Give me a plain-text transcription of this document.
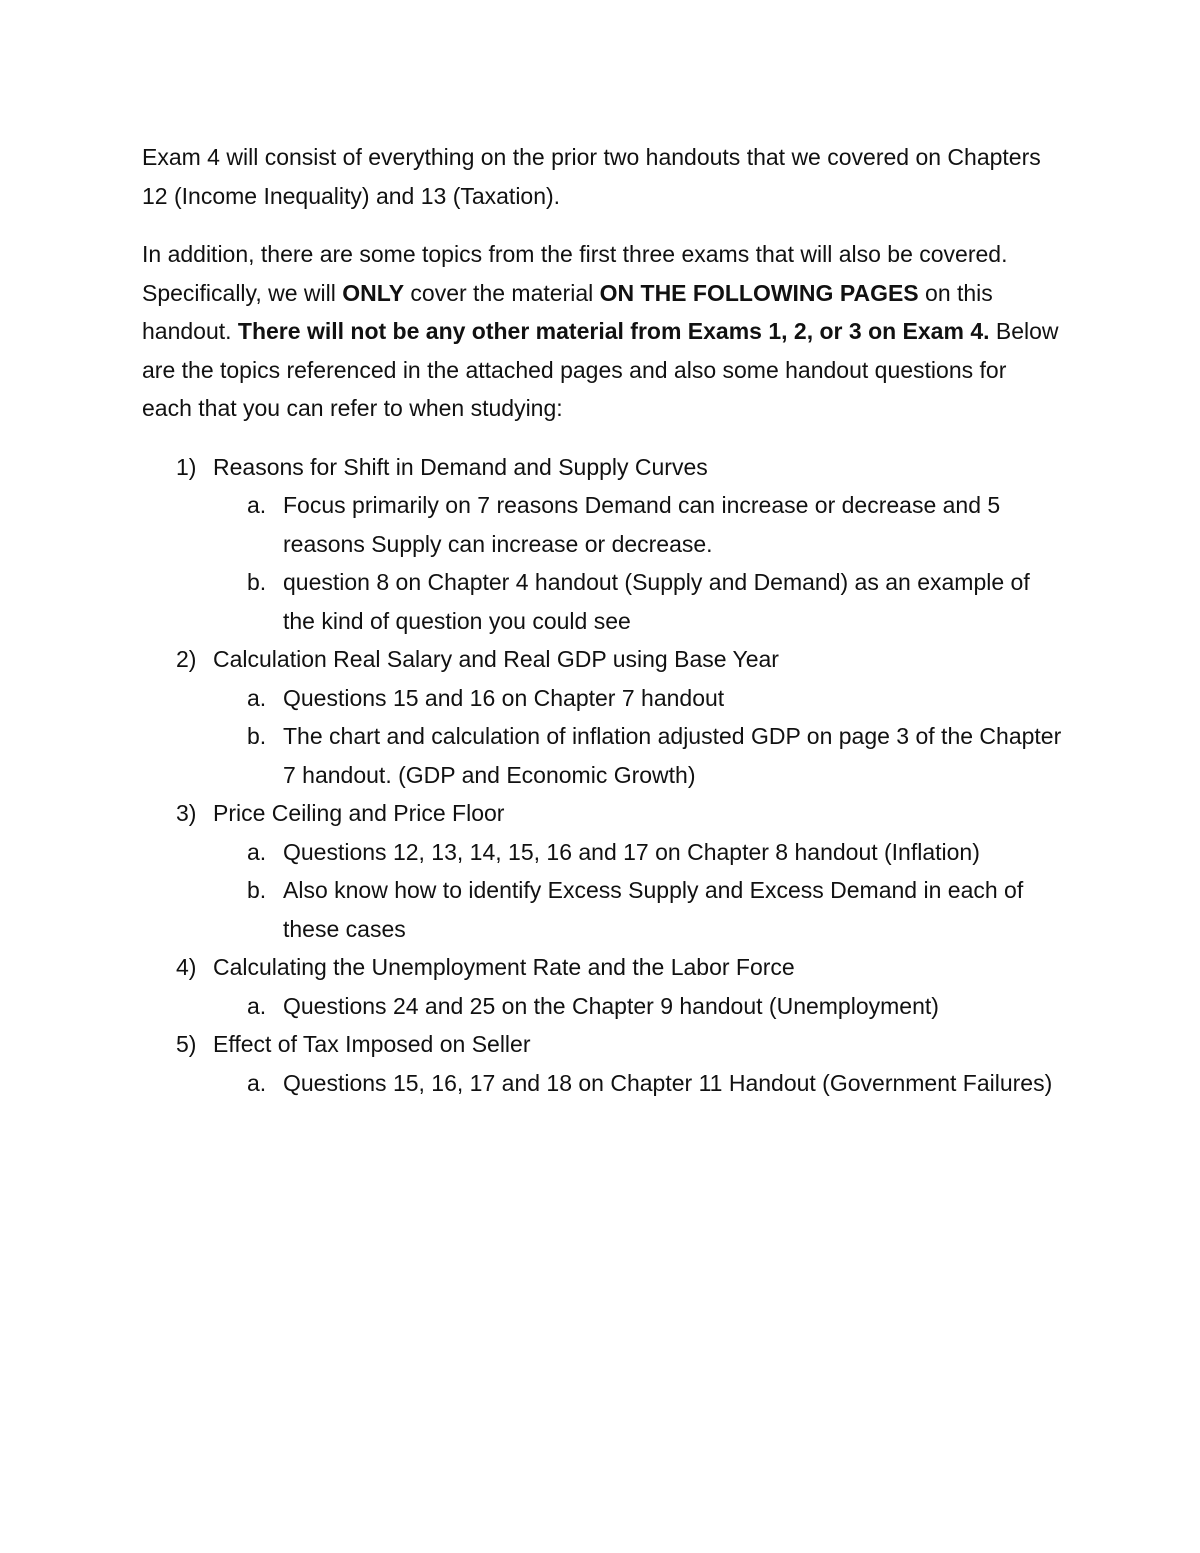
Exam 4 will consist of everything on the prior two handouts that we covered on Chapters 12 (Income Inequality) and 13 (Taxation).

In addition, there are some topics from the first three exams that will also be covered. Specifically, we will ONLY cover the material ON THE FOLLOWING PAGES on this handout. There will not be any other material from Exams 1, 2, or 3 on Exam 4. Below are the topics referenced in the attached pages and also some handout questions for each that you can refer to when studying:

1) Reasons for Shift in Demand and Supply Curves
a. Focus primarily on 7 reasons Demand can increase or decrease and 5 reasons Supply can increase or decrease.
b. question 8 on Chapter 4 handout (Supply and Demand) as an example of the kind of question you could see
2) Calculation Real Salary and Real GDP using Base Year
a. Questions 15 and 16 on Chapter 7 handout
b. The chart and calculation of inflation adjusted GDP on page 3 of the Chapter 7 handout. (GDP and Economic Growth)
3) Price Ceiling and Price Floor
a. Questions 12, 13, 14, 15, 16 and 17 on Chapter 8 handout (Inflation)
b. Also know how to identify Excess Supply and Excess Demand in each of these cases
4) Calculating the Unemployment Rate and the Labor Force
a. Questions 24 and 25 on the Chapter 9 handout (Unemployment)
5) Effect of Tax Imposed on Seller
a. Questions 15, 16, 17 and 18 on Chapter 11 Handout (Government Failures)
